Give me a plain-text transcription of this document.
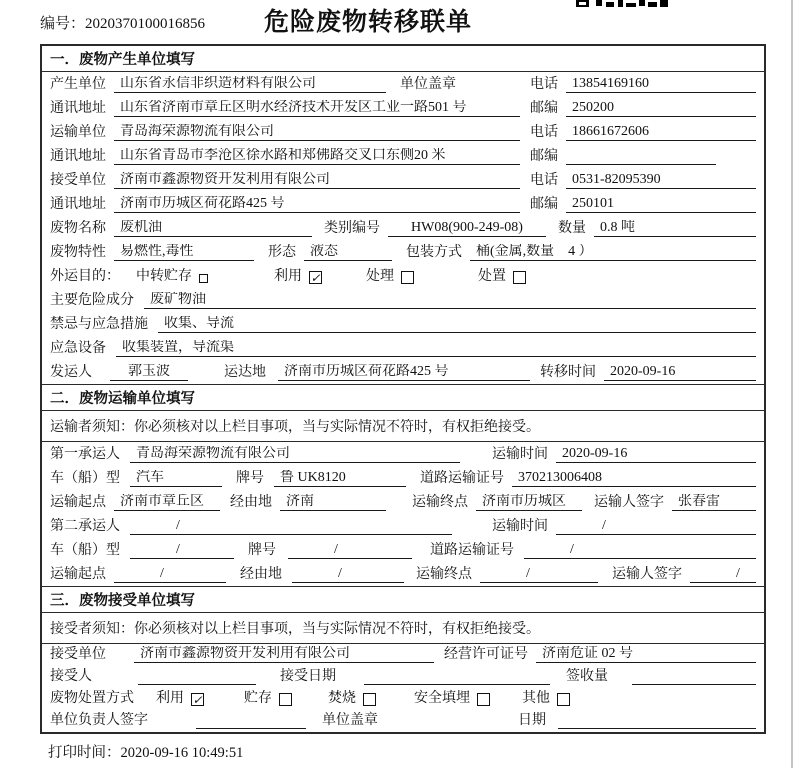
编号：2020370100016856	危险废物转移联单
一．废物产生单位填写
产生单位	山东省永信非织造材料有限公司	单位盖章	电话	13854169160
通讯地址	山东省济南市章丘区明水经济技术开发区工业一路501 号	邮编	250200
运输单位	青岛海荣源物流有限公司	电话	18661672606
通讯地址	山东省青岛市李沧区徐水路和郑佛路交叉口东侧20 米	邮编
接受单位	济南市鑫源物资开发利用有限公司	电话	0531-82095390
通讯地址	济南市历城区荷花路425 号	邮编	250101
废物名称	废机油	类别编号	HW08(900-249-08)	数量	0.8 吨
废物特性	易燃性,毒性	形态	液态	包装方式	桶(金属,数量　4 ）
外运目的： 中转贮存	利用 ✓	处理	处置
主要危险成分	废矿物油
禁忌与应急措施	收集、导流
应急设备	收集装置，导流渠
发运人	郭玉波	运达地	济南市历城区荷花路425 号	转移时间	2020-09-16
二．废物运输单位填写
运输者须知：你必须核对以上栏目事项，当与实际情况不符时，有权拒绝接受。
第一承运人	青岛海荣源物流有限公司	运输时间	2020-09-16
车（船）型	汽车	牌号	鲁 UK8120	道路运输证号	370213006408
运输起点	济南市章丘区	经由地	济南	运输终点	济南市历城区	运输人签字	张春雷
第二承运人	/	运输时间	/
车（船）型	/	牌号	/	道路运输证号	/
运输起点	/	经由地	/	运输终点	/	运输人签字	/
三．废物接受单位填写
接受者须知：你必须核对以上栏目事项，当与实际情况不符时，有权拒绝接受。
接受单位	济南市鑫源物资开发利用有限公司	经营许可证号	济南危证 02 号
接受人	接受日期	签收量
废物处置方式 利用 ✓	贮存	焚烧	安全填埋	其他
单位负责人签字	单位盖章	日期
打印时间：2020-09-16 10:49:51
